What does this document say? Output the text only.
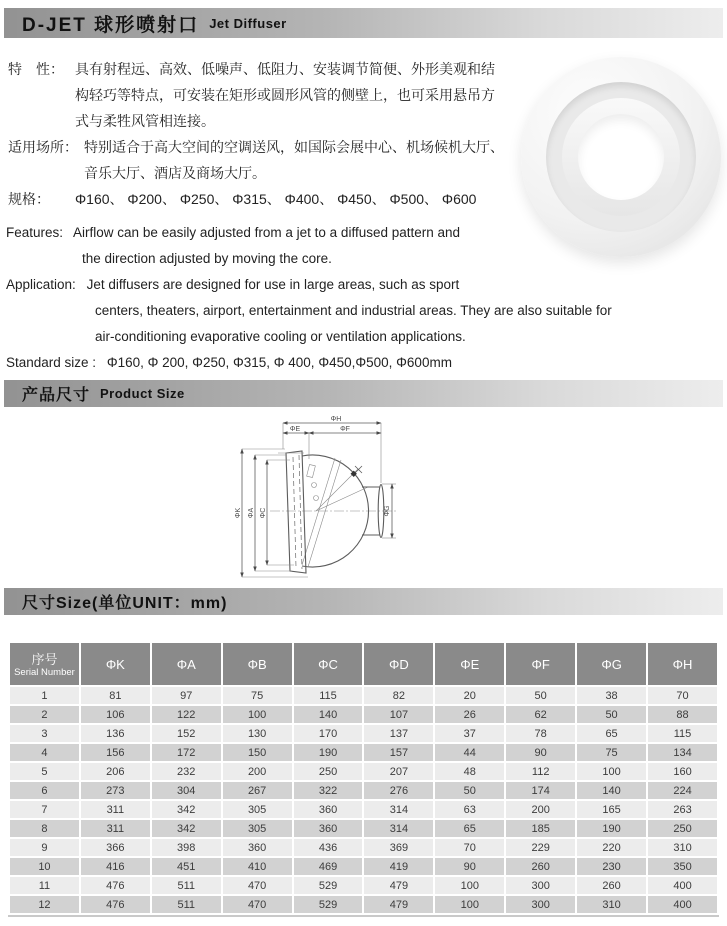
D-JET 球形喷射口 Jet Diffuser
特　性： 具有射程远、高效、低噪声、低阻力、安装调节简便、外形美观和结
构轻巧等特点，可安装在矩形或圆形风管的侧壁上，也可采用悬吊方
式与柔牲风管相连接。
适用场所： 特别适合于高大空间的空调送风，如国际会展中心、机场候机大厅、
音乐大厅、酒店及商场大厅。
规格：	Φ160、 Φ200、 Φ250、 Φ315、 Φ400、 Φ450、 Φ500、 Φ600
Features: Airflow can be easily adjusted from a jet to a diffused pattern and
the direction adjusted by moving the core.
Application: Jet diffusers are designed for use in large areas, such as sport
centers, theaters, airport, entertainment and industrial areas. They are also suitable for
air-conditioning evaporative cooling or ventilation applications.
Standard size : Φ160, Φ 200, Φ250, Φ315, Φ 400, Φ450,Φ500, Φ600mm
产品尺寸 Product Size
ΦH
ΦE	ΦF
ΦK ΦA ΦC	ΦG
尺寸Size(单位UNIT：mm)
序号
Serial Number	ΦK	ΦA	ΦB	ΦC	ΦD	ΦE	ΦF	ΦG	ΦH
1	81	97	75	115	82	20	50	38	70
2	106	122	100	140	107	26	62	50	88
3	136	152	130	170	137	37	78	65	115
4	156	172	150	190	157	44	90	75	134
5	206	232	200	250	207	48	112	100	160
6	273	304	267	322	276	50	174	140	224
7	311	342	305	360	314	63	200	165	263
8	311	342	305	360	314	65	185	190	250
9	366	398	360	436	369	70	229	220	310
10	416	451	410	469	419	90	260	230	350
11	476	511	470	529	479	100	300	260	400
12	476	511	470	529	479	100	300	310	400
